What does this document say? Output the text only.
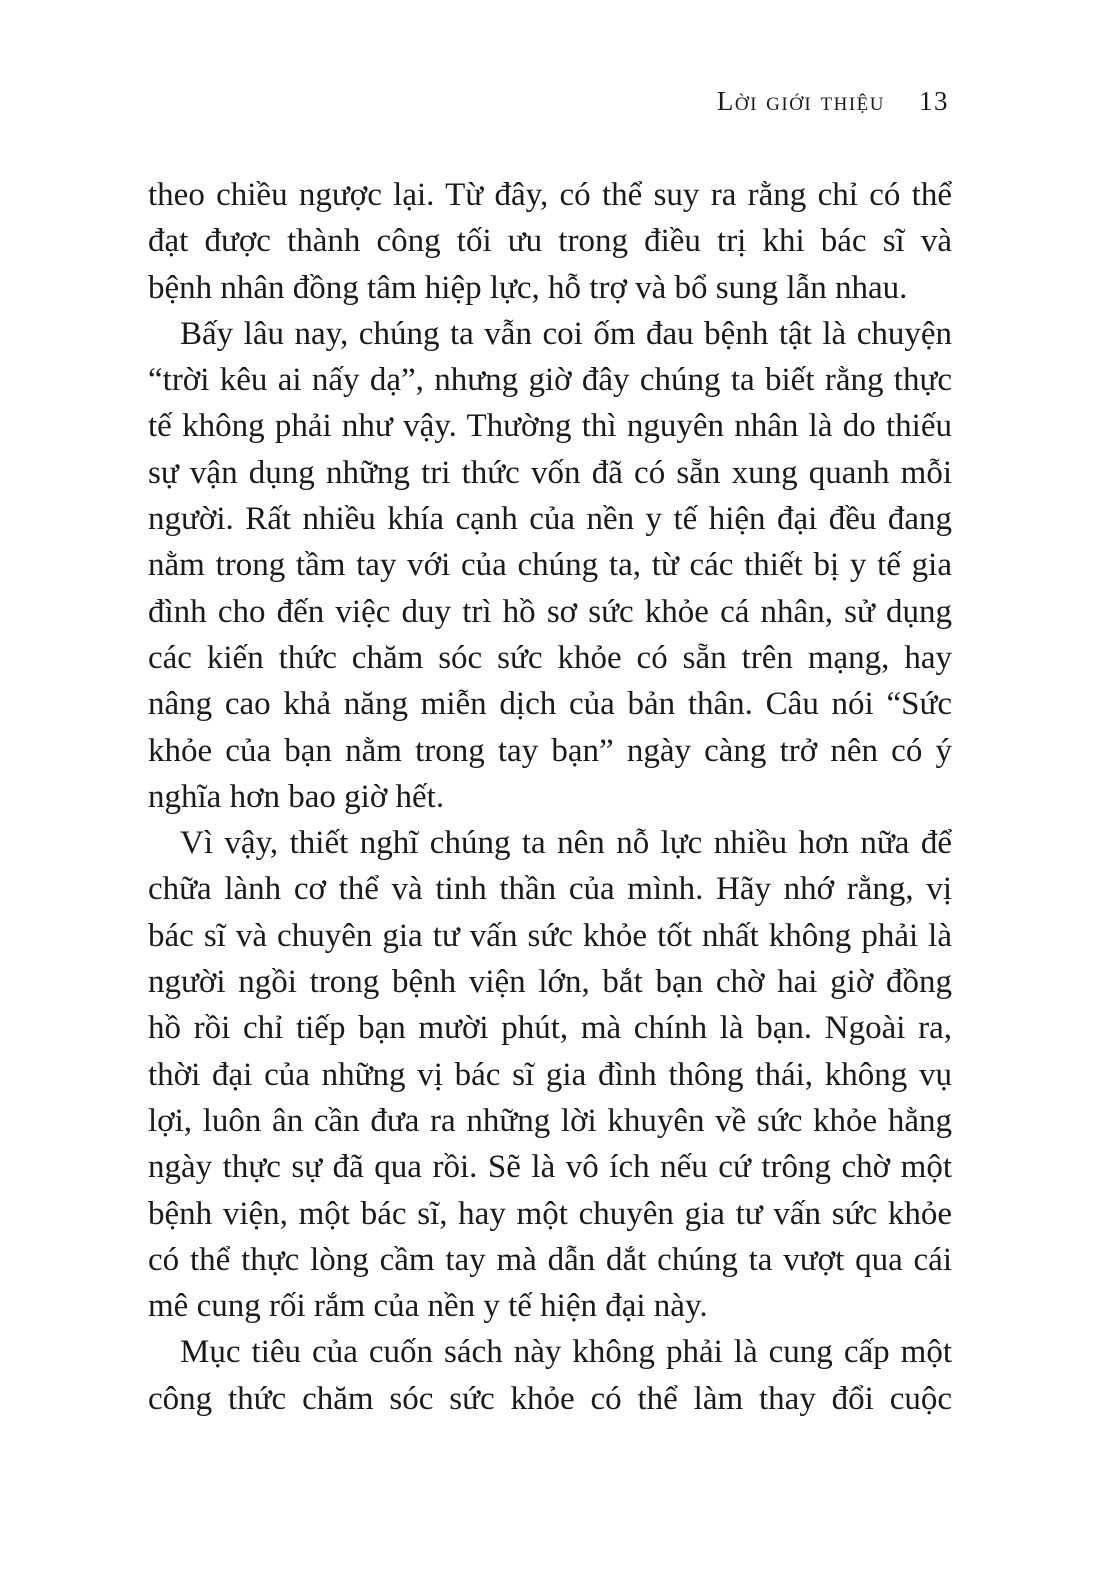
Lời giới thiệu 13
theo chiều ngược lại. Từ đây, có thể suy ra rằng chỉ có thể
đạt được thành công tối ưu trong điều trị khi bác sĩ và
bệnh nhân đồng tâm hiệp lực, hỗ trợ và bổ sung lẫn nhau.
Bấy lâu nay, chúng ta vẫn coi ốm đau bệnh tật là chuyện
“trời kêu ai nấy dạ”, nhưng giờ đây chúng ta biết rằng thực
tế không phải như vậy. Thường thì nguyên nhân là do thiếu
sự vận dụng những tri thức vốn đã có sẵn xung quanh mỗi
người. Rất nhiều khía cạnh của nền y tế hiện đại đều đang
nằm trong tầm tay với của chúng ta, từ các thiết bị y tế gia
đình cho đến việc duy trì hồ sơ sức khỏe cá nhân, sử dụng
các kiến thức chăm sóc sức khỏe có sẵn trên mạng, hay
nâng cao khả năng miễn dịch của bản thân. Câu nói “Sức
khỏe của bạn nằm trong tay bạn” ngày càng trở nên có ý
nghĩa hơn bao giờ hết.
Vì vậy, thiết nghĩ chúng ta nên nỗ lực nhiều hơn nữa để
chữa lành cơ thể và tinh thần của mình. Hãy nhớ rằng, vị
bác sĩ và chuyên gia tư vấn sức khỏe tốt nhất không phải là
người ngồi trong bệnh viện lớn, bắt bạn chờ hai giờ đồng
hồ rồi chỉ tiếp bạn mười phút, mà chính là bạn. Ngoài ra,
thời đại của những vị bác sĩ gia đình thông thái, không vụ
lợi, luôn ân cần đưa ra những lời khuyên về sức khỏe hằng
ngày thực sự đã qua rồi. Sẽ là vô ích nếu cứ trông chờ một
bệnh viện, một bác sĩ, hay một chuyên gia tư vấn sức khỏe
có thể thực lòng cầm tay mà dẫn dắt chúng ta vượt qua cái
mê cung rối rắm của nền y tế hiện đại này.
Mục tiêu của cuốn sách này không phải là cung cấp một
công thức chăm sóc sức khỏe có thể làm thay đổi cuộc
